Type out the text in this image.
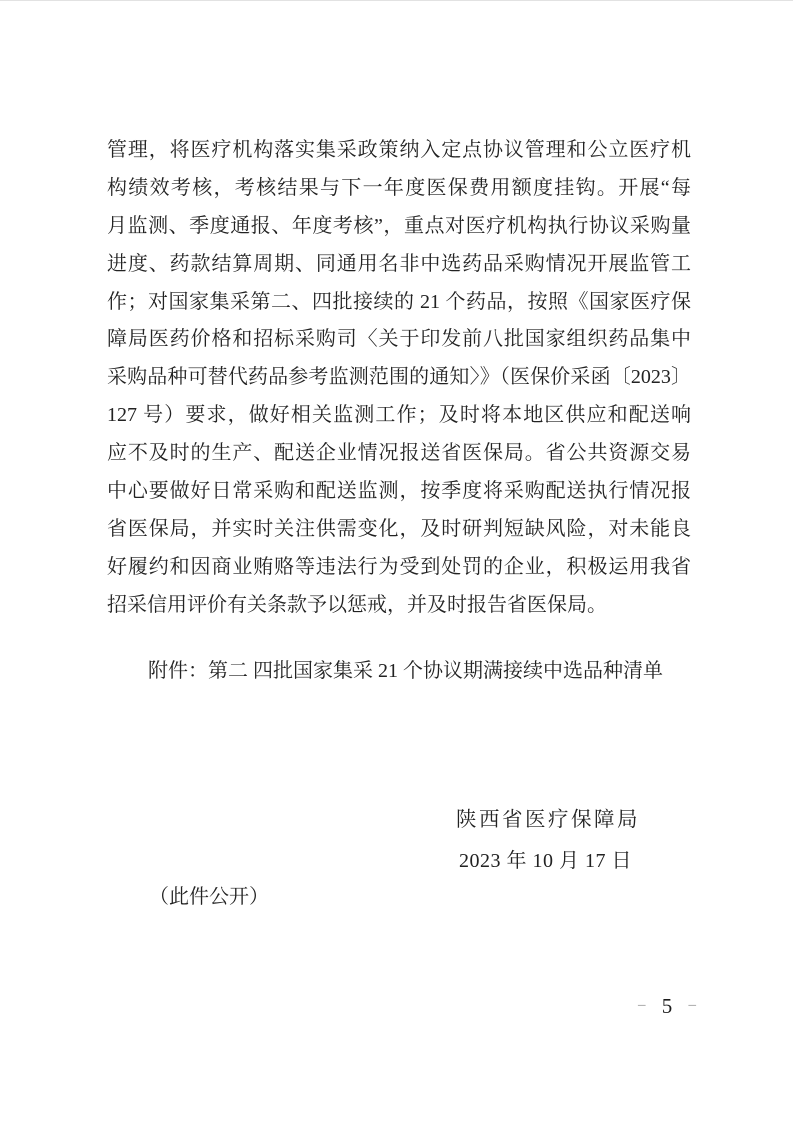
管理，将医疗机构落实集采政策纳入定点协议管理和公立医疗机
构绩效考核，考核结果与下一年度医保费用额度挂钩。开展“每
月监测、季度通报、年度考核”，重点对医疗机构执行协议采购量
进度、药款结算周期、同通用名非中选药品采购情况开展监管工
作；对国家集采第二、四批接续的 21 个药品，按照《国家医疗保
障局医药价格和招标采购司〈关于印发前八批国家组织药品集中
采购品种可替代药品参考监测范围的通知〉》（医保价采函〔2023〕
127 号）要求，做好相关监测工作；及时将本地区供应和配送响
应不及时的生产、配送企业情况报送省医保局。省公共资源交易
中心要做好日常采购和配送监测，按季度将采购配送执行情况报
省医保局，并实时关注供需变化，及时研判短缺风险，对未能良
好履约和因商业贿赂等违法行为受到处罚的企业，积极运用我省
招采信用评价有关条款予以惩戒，并及时报告省医保局。
附件：第二 四批国家集采 21 个协议期满接续中选品种清单
陕西省医疗保障局
2023 年 10 月 17 日
（此件公开）
– 5 –
